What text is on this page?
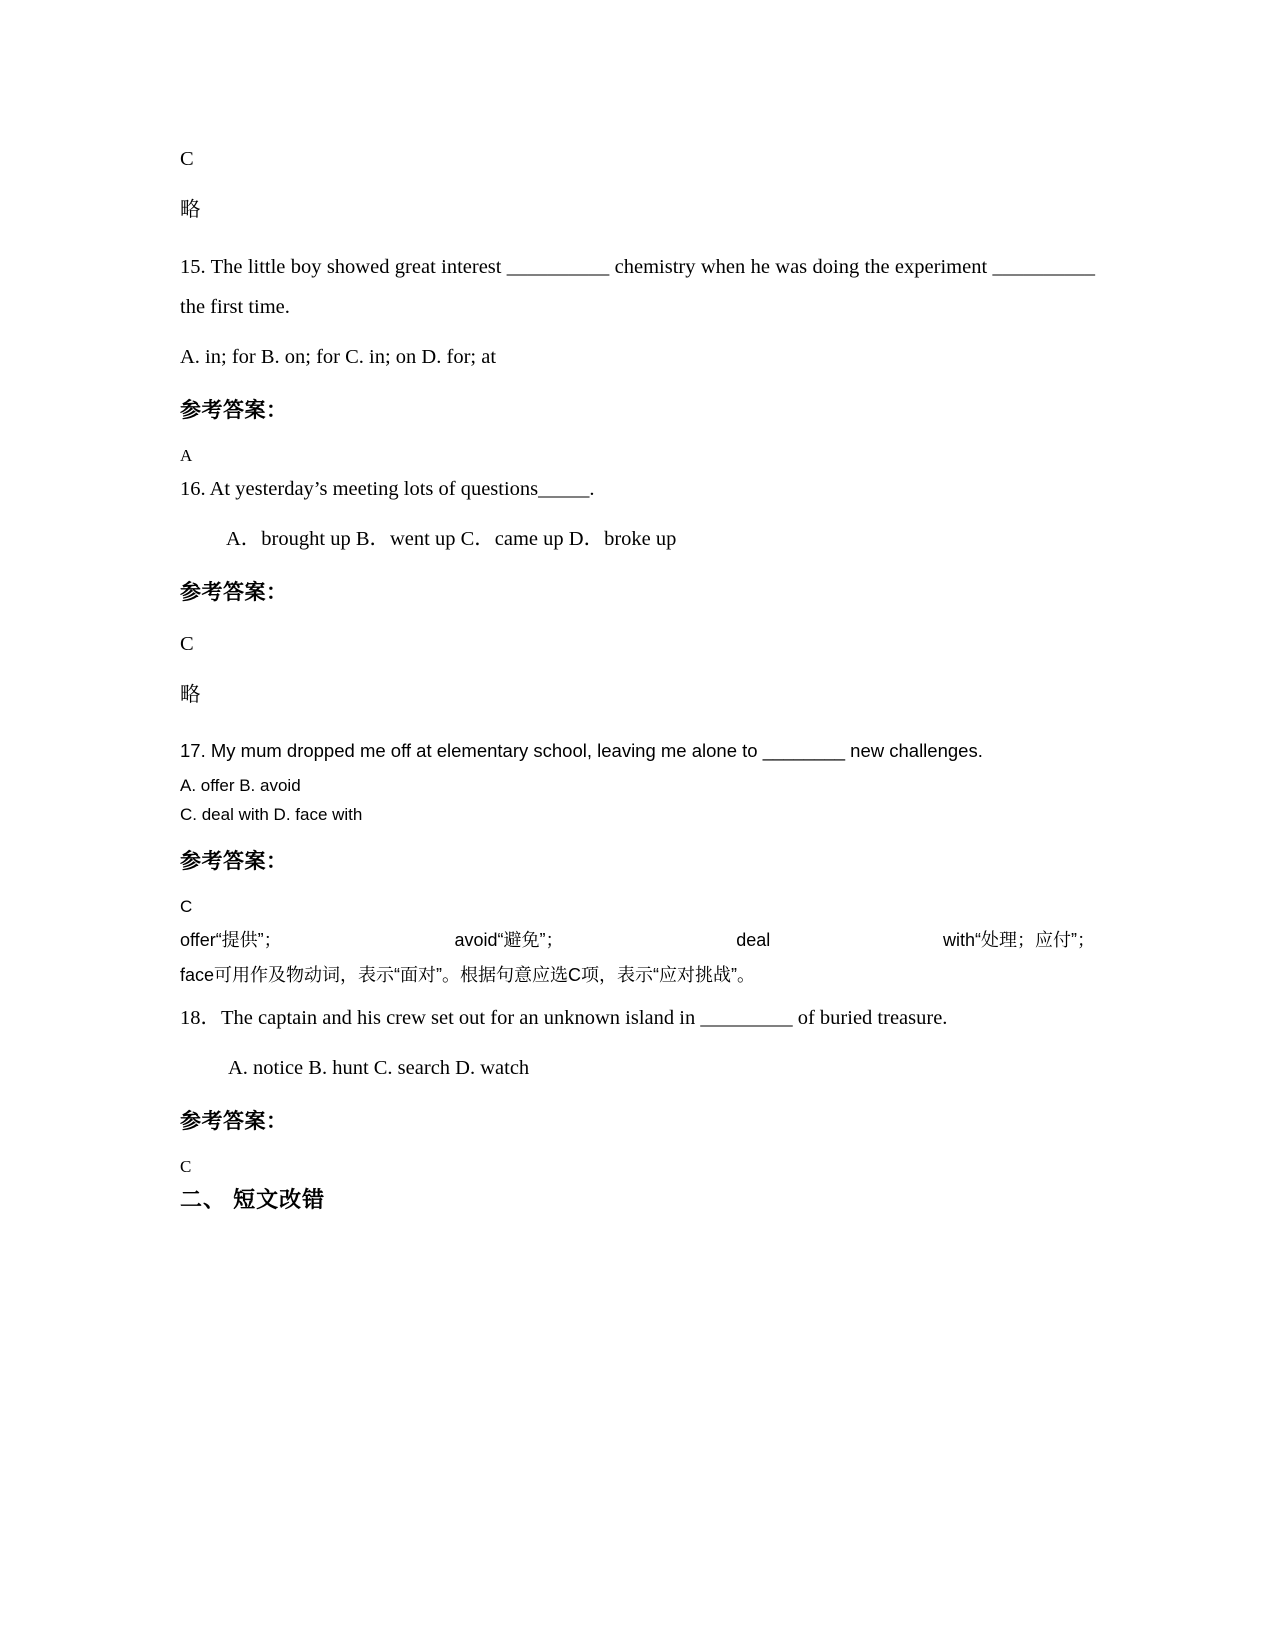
C

略

15. The little boy showed great interest __________ chemistry when he was doing the experiment __________ the first time.

A. in; for B. on; for C. in; on D. for; at

参考答案：

A

16. At yesterday’s meeting lots of questions_____.

A．brought up B．went up C．came up D．broke up

参考答案：

C

略

17. My mum dropped me off at elementary school, leaving me alone to ________ new challenges.

A. offer B. avoid

C. deal with D. face with

参考答案：

C

offer“提供”；	avoid“避免”；	deal	with“处理；应付”；

face可用作及物动词，表示“面对”。根据句意应选C项，表示“应对挑战”。

18．The captain and his crew set out for an unknown island in _________ of buried treasure.

A. notice B. hunt C. search D. watch

参考答案：

C

二、 短文改错
